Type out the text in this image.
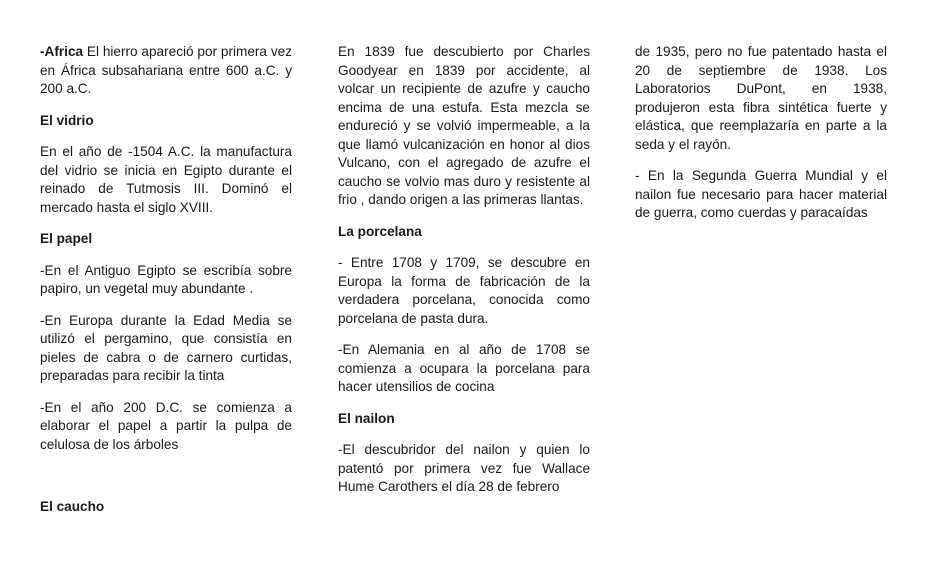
-Africa El hierro apareció por primera vez en África subsahariana entre 600 a.C. y 200 a.C.

El vidrio

En el año de -1504 A.C. la manufactura del vidrio se inicia en Egipto durante el reinado de Tutmosis III. Dominó el mercado hasta el siglo XVIII.

El papel

-En el Antiguo Egipto se escribía sobre papiro, un vegetal muy abundante .

-En Europa durante la Edad Media se utilizó el pergamino, que consistía en pieles de cabra o de carnero curtidas, preparadas para recibir la tinta

-En el año 200 D.C. se comienza a elaborar el papel a partir la pulpa de celulosa de los árboles

El caucho

En 1839 fue descubierto por Charles Goodyear en 1839 por accidente, al volcar un recipiente de azufre y caucho encima de una estufa. Esta mezcla se endureció y se volvió impermeable, a la que llamó vulcanización en honor al dios Vulcano, con el agregado de azufre el caucho se volvio mas duro y resistente al frio , dando origen a las primeras llantas.

La porcelana

- Entre 1708 y 1709, se descubre en Europa la forma de fabricación de la verdadera porcelana, conocida como porcelana de pasta dura.

-En Alemania en al año de 1708 se comienza a ocupara la porcelana para hacer utensilios de cocina

El nailon

-El descubridor del nailon y quien lo patentó por primera vez fue Wallace Hume Carothers el día 28 de febrero

de 1935, pero no fue patentado hasta el 20 de septiembre de 1938. Los Laboratorios DuPont, en 1938, produjeron esta fibra sintética fuerte y elástica, que reemplazaría en parte a la seda y el rayón.

- En la Segunda Guerra Mundial y el nailon fue necesario para hacer material de guerra, como cuerdas y paracaídas
